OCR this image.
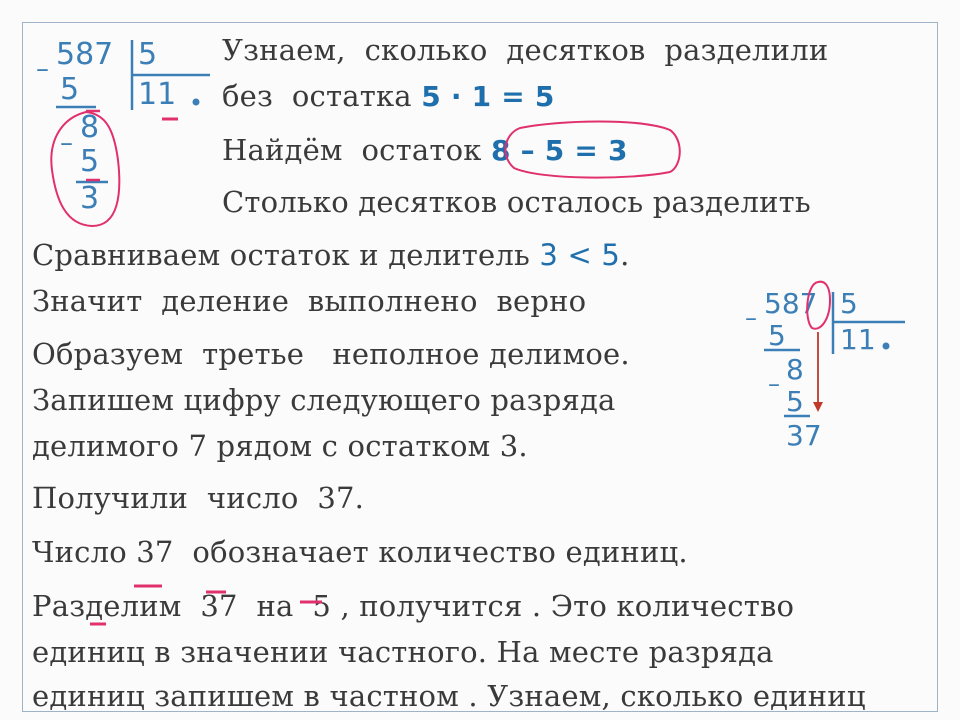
– 587 5
11
5
8
–
5
3
– 587 5
11
5
8
–
5
37
Узнаем,  сколько  десятков  разделили
без  остатка 5 · 1 = 5
Найдём  остаток 8 – 5 = 3
Столько десятков осталось разделить
Сравниваем остаток и делитель 3 < 5.
Значит  деление  выполнено  верно
Образуем  третье   неполное делимое.
Запишем цифру следующего разряда
делимого 7 рядом с остатком 3.
Получили  число  37.
Число 37  обозначает количество единиц.
Разделим  37  на  5 , получится . Это количество
единиц в значении частного. На месте разряда
единиц запишем в частном . Узнаем, сколько единиц
